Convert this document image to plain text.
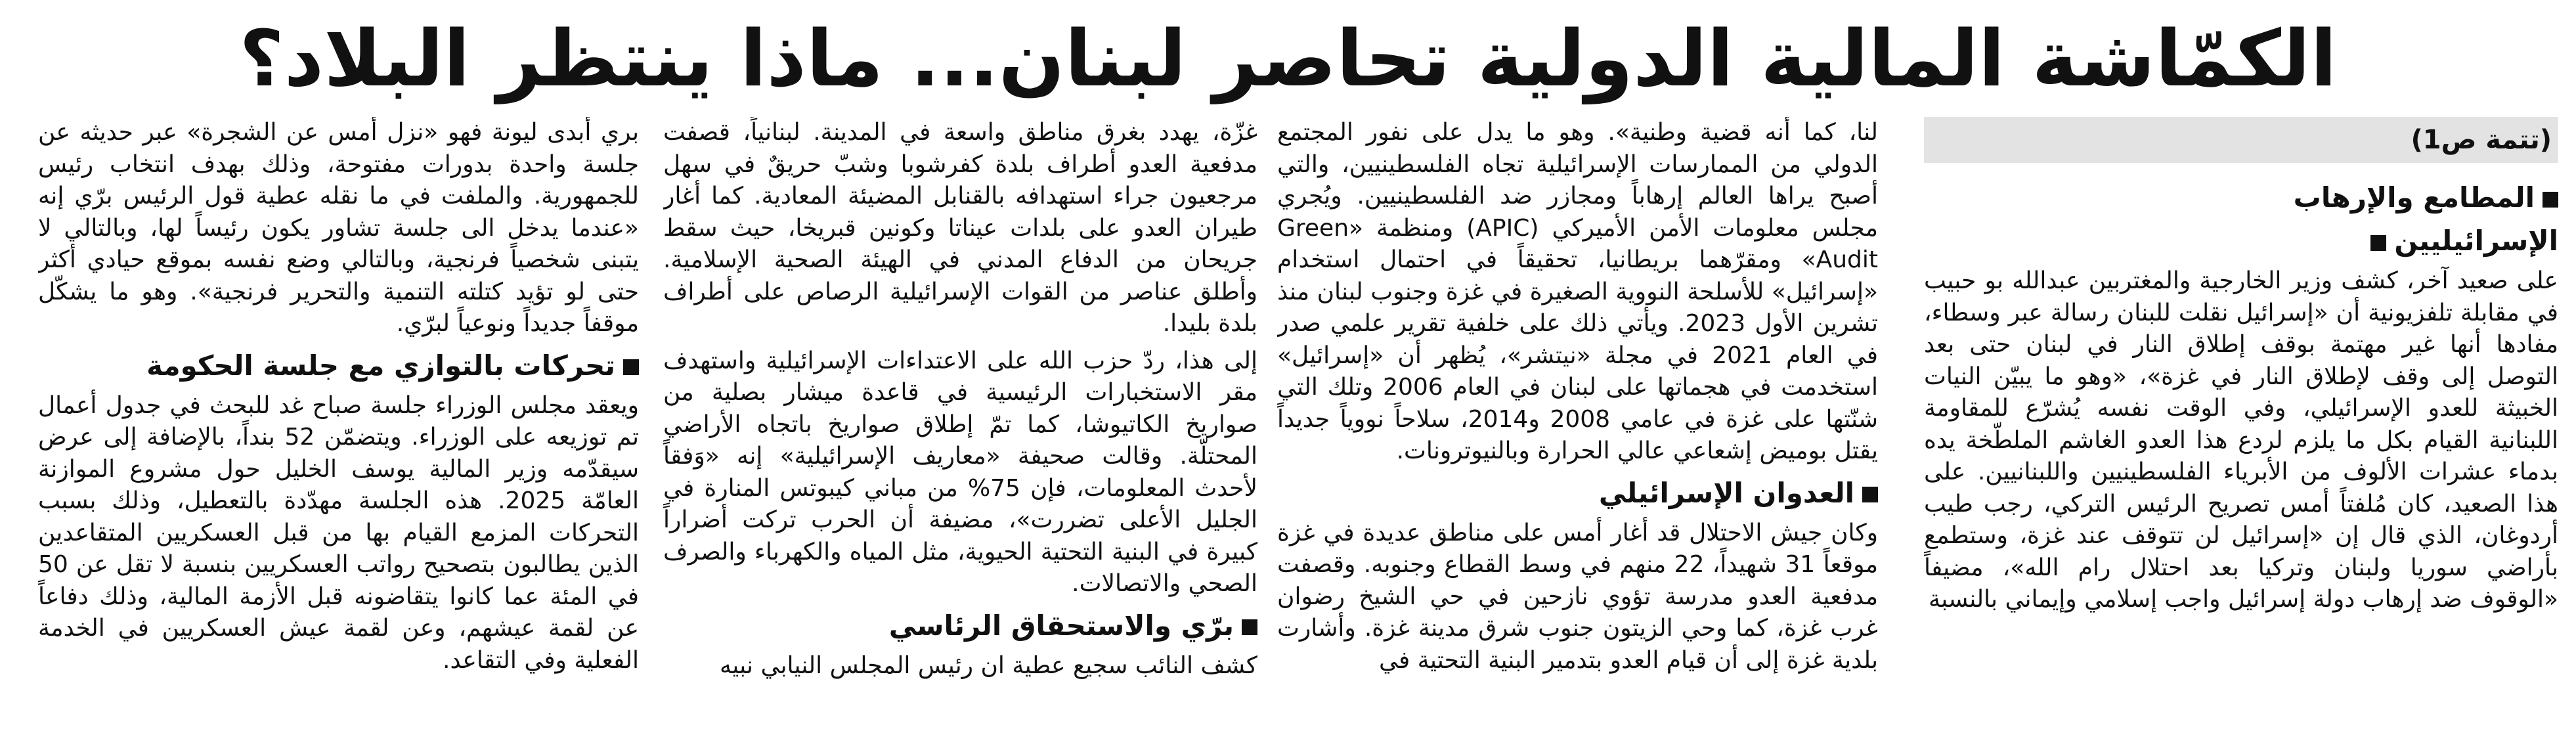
الكمّاشة المالية الدولية تحاصر لبنان... ماذا ينتظر البلاد؟
(تتمة ص1)
المطامع والإرهاب
الإسرائيليين

على صعيد آخر، كشف وزير الخارجية والمغتربين عبدالله بو حبيب في مقابلة تلفزيونية أن «إسرائيل نقلت للبنان رسالة عبر وسطاء، مفادها أنها غير مهتمة بوقف إطلاق النار في لبنان حتى بعد التوصل إلى وقف لإطلاق النار في غزة»، «وهو ما يبيّن النيات الخبيثة للعدو الإسرائيلي، وفي الوقت نفسه يُشرّع للمقاومة اللبنانية القيام بكل ما يلزم لردع هذا العدو الغاشم الملطّخة يده بدماء عشرات الألوف من الأبرياء الفلسطينيين واللبنانيين. على هذا الصعيد، كان مُلفتاً أمس تصريح الرئيس التركي، رجب طيب أردوغان، الذي قال إن «إسرائيل لن تتوقف عند غزة، وستطمع بأراضي سوريا ولبنان وتركيا بعد احتلال رام الله»، مضيفاً «الوقوف ضد إرهاب دولة إسرائيل واجب إسلامي وإيماني بالنسبة

لنا، كما أنه قضية وطنية». وهو ما يدل على نفور المجتمع الدولي من الممارسات الإسرائيلية تجاه الفلسطينيين، والتي أصبح يراها العالم إرهاباً ومجازر ضد الفلسطينيين. ويُجري مجلس معلومات الأمن الأميركي (APIC) ومنظمة «Green Audit» ومقرّهما بريطانيا، تحقيقاً في احتمال استخدام «إسرائيل» للأسلحة النووية الصغيرة في غزة وجنوب لبنان منذ تشرين الأول 2023. ويأتي ذلك على خلفية تقرير علمي صدر في العام 2021 في مجلة «نيتشر»، يُظهر أن «إسرائيل» استخدمت في هجماتها على لبنان في العام 2006 وتلك التي شنّتها على غزة في عامي 2008 و2014، سلاحاً نووياً جديداً يقتل بوميض إشعاعي عالي الحرارة وبالنيوترونات.

العدوان الإسرائيلي

وكان جيش الاحتلال قد أغار أمس على مناطق عديدة في غزة موقعاً 31 شهيداً، 22 منهم في وسط القطاع وجنوبه. وقصفت مدفعية العدو مدرسة تؤوي نازحين في حي الشيخ رضوان غرب غزة، كما وحي الزيتون جنوب شرق مدينة غزة. وأشارت بلدية غزة إلى أن قيام العدو بتدمير البنية التحتية في

غزّة، يهدد بغرق مناطق واسعة في المدينة. لبنانياً، قصفت مدفعية العدو أطراف بلدة كفرشوبا وشبّ حريقٌ في سهل مرجعيون جراء استهدافه بالقنابل المضيئة المعادية. كما أغار طيران العدو على بلدات عيناتا وكونين قبريخا، حيث سقط جريحان من الدفاع المدني في الهيئة الصحية الإسلامية. وأطلق عناصر من القوات الإسرائيلية الرصاص على أطراف بلدة بليدا.

إلى هذا، ردّ حزب الله على الاعتداءات الإسرائيلية واستهدف مقر الاستخبارات الرئيسية في قاعدة ميشار بصلية من صواريخ الكاتيوشا، كما تمّ إطلاق صواريخ باتجاه الأراضي المحتلّة. وقالت صحيفة «معاريف الإسرائيلية» إنه «وَفقاً لأحدث المعلومات، فإن 75% من مباني كيبوتس المنارة في الجليل الأعلى تضررت»، مضيفة أن الحرب تركت أضراراً كبيرة في البنية التحتية الحيوية، مثل المياه والكهرباء والصرف الصحي والاتصالات.

برّي والاستحقاق الرئاسي

كشف النائب سجيع عطية ان رئيس المجلس النيابي نبيه

بري أبدى ليونة فهو «نزل أمس عن الشجرة» عبر حديثه عن جلسة واحدة بدورات مفتوحة، وذلك بهدف انتخاب رئيس للجمهورية. والملفت في ما نقله عطية قول الرئيس برّي إنه «عندما يدخل الى جلسة تشاور يكون رئيساً لها، وبالتالي لا يتبنى شخصياً فرنجية، وبالتالي وضع نفسه بموقع حيادي أكثر حتى لو تؤيد كتلته التنمية والتحرير فرنجية». وهو ما يشكّل موقفاً جديداً ونوعياً لبرّي.

تحركات بالتوازي مع جلسة الحكومة

ويعقد مجلس الوزراء جلسة صباح غد للبحث في جدول أعمال تم توزيعه على الوزراء. ويتضمّن 52 بنداً، بالإضافة إلى عرض سيقدّمه وزير المالية يوسف الخليل حول مشروع الموازنة العامّة 2025. هذه الجلسة مهدّدة بالتعطيل، وذلك بسبب التحركات المزمع القيام بها من قبل العسكريين المتقاعدين الذين يطالبون بتصحيح رواتب العسكريين بنسبة لا تقل عن 50 في المئة عما كانوا يتقاضونه قبل الأزمة المالية، وذلك دفاعاً عن لقمة عيشهم، وعن لقمة عيش العسكريين في الخدمة الفعلية وفي التقاعد.
